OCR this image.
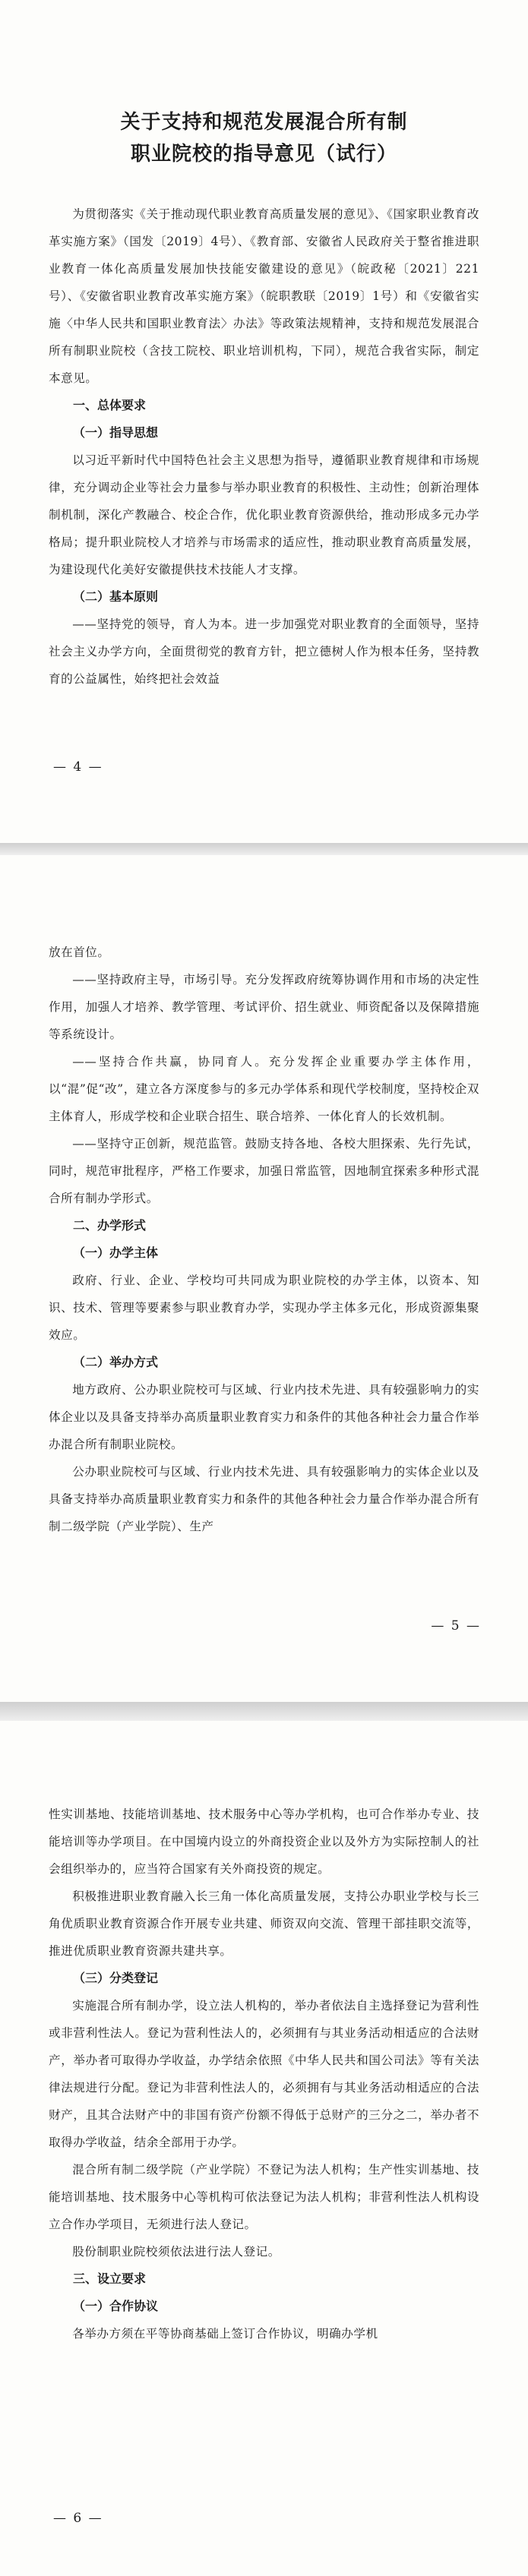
关于支持和规范发展混合所有制

职业院校的指导意见（试行）

为贯彻落实《关于推动现代职业教育高质量发展的意见》、《国家职业教育改革实施方案》（国发〔2019〕4号）、《教育部、安徽省人民政府关于整省推进职业教育一体化高质量发展加快技能安徽建设的意见》（皖政秘〔2021〕221号）、《安徽省职业教育改革实施方案》（皖职教联〔2019〕1号）和《安徽省实施〈中华人民共和国职业教育法〉办法》等政策法规精神，支持和规范发展混合所有制职业院校（含技工院校、职业培训机构，下同），规范合我省实际，制定本意见。

一、总体要求

（一）指导思想

以习近平新时代中国特色社会主义思想为指导，遵循职业教育规律和市场规律，充分调动企业等社会力量参与举办职业教育的积极性、主动性；创新治理体制机制，深化产教融合、校企合作，优化职业教育资源供给，推动形成多元办学格局；提升职业院校人才培养与市场需求的适应性，推动职业教育高质量发展，为建设现代化美好安徽提供技术技能人才支撑。

（二）基本原则

——坚持党的领导，育人为本。进一步加强党对职业教育的全面领导，坚持社会主义办学方向，全面贯彻党的教育方针，把立德树人作为根本任务，坚持教育的公益属性，始终把社会效益

— 4 —

放在首位。

——坚持政府主导，市场引导。充分发挥政府统筹协调作用和市场的决定性作用，加强人才培养、教学管理、考试评价、招生就业、师资配备以及保障措施等系统设计。

——坚持合作共赢，协同育人。充分发挥企业重要办学主体作用，以“混”促“改”，建立各方深度参与的多元办学体系和现代学校制度，坚持校企双主体育人，形成学校和企业联合招生、联合培养、一体化育人的长效机制。

——坚持守正创新，规范监管。鼓励支持各地、各校大胆探索、先行先试，同时，规范审批程序，严格工作要求，加强日常监管，因地制宜探索多种形式混合所有制办学形式。

二、办学形式

（一）办学主体

政府、行业、企业、学校均可共同成为职业院校的办学主体，以资本、知识、技术、管理等要素参与职业教育办学，实现办学主体多元化，形成资源集聚效应。

（二）举办方式

地方政府、公办职业院校可与区域、行业内技术先进、具有较强影响力的实体企业以及具备支持举办高质量职业教育实力和条件的其他各种社会力量合作举办混合所有制职业院校。

公办职业院校可与区域、行业内技术先进、具有较强影响力的实体企业以及具备支持举办高质量职业教育实力和条件的其他各种社会力量合作举办混合所有制二级学院（产业学院）、生产

— 5 —

性实训基地、技能培训基地、技术服务中心等办学机构，也可合作举办专业、技能培训等办学项目。在中国境内设立的外商投资企业以及外方为实际控制人的社会组织举办的，应当符合国家有关外商投资的规定。

积极推进职业教育融入长三角一体化高质量发展，支持公办职业学校与长三角优质职业教育资源合作开展专业共建、师资双向交流、管理干部挂职交流等，推进优质职业教育资源共建共享。

（三）分类登记

实施混合所有制办学，设立法人机构的，举办者依法自主选择登记为营利性或非营利性法人。登记为营利性法人的，必须拥有与其业务活动相适应的合法财产，举办者可取得办学收益，办学结余依照《中华人民共和国公司法》等有关法律法规进行分配。登记为非营利性法人的，必须拥有与其业务活动相适应的合法财产，且其合法财产中的非国有资产份额不得低于总财产的三分之二，举办者不取得办学收益，结余全部用于办学。

混合所有制二级学院（产业学院）不登记为法人机构；生产性实训基地、技能培训基地、技术服务中心等机构可依法登记为法人机构；非营利性法人机构设立合作办学项目，无须进行法人登记。

股份制职业院校须依法进行法人登记。

三、设立要求

（一）合作协议

各举办方须在平等协商基础上签订合作协议，明确办学机

— 6 —
